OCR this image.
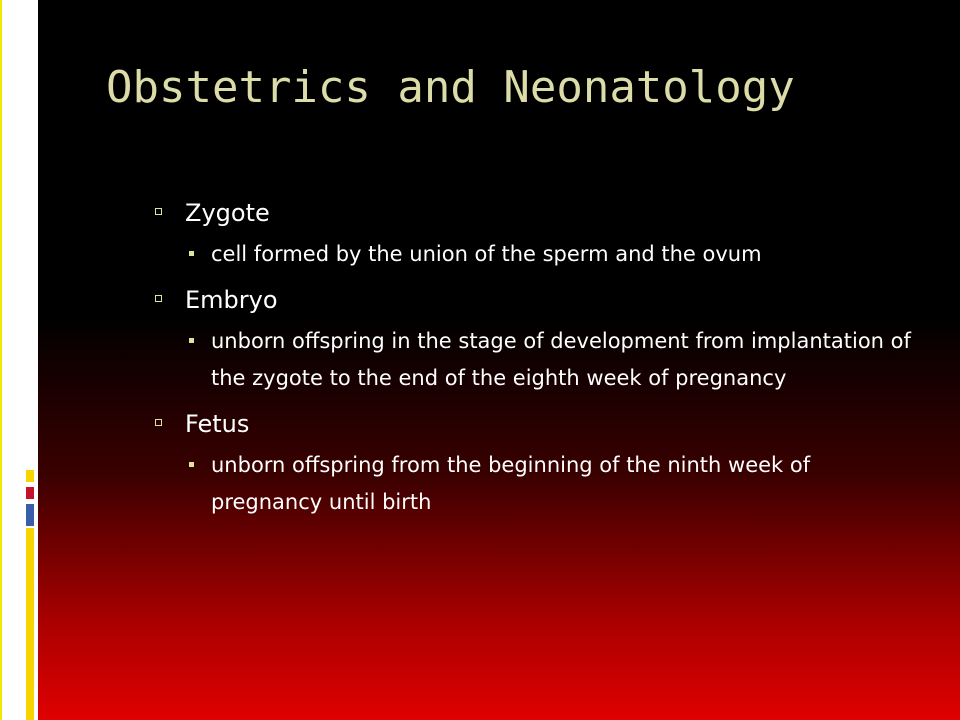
Obstetrics and Neonatology
Zygote
cell formed by the union of the sperm and the ovum
Embryo
unborn offspring in the stage of development from implantation of the zygote to the end of the eighth week of pregnancy
Fetus
unborn offspring from the beginning of the ninth week of pregnancy until birth
